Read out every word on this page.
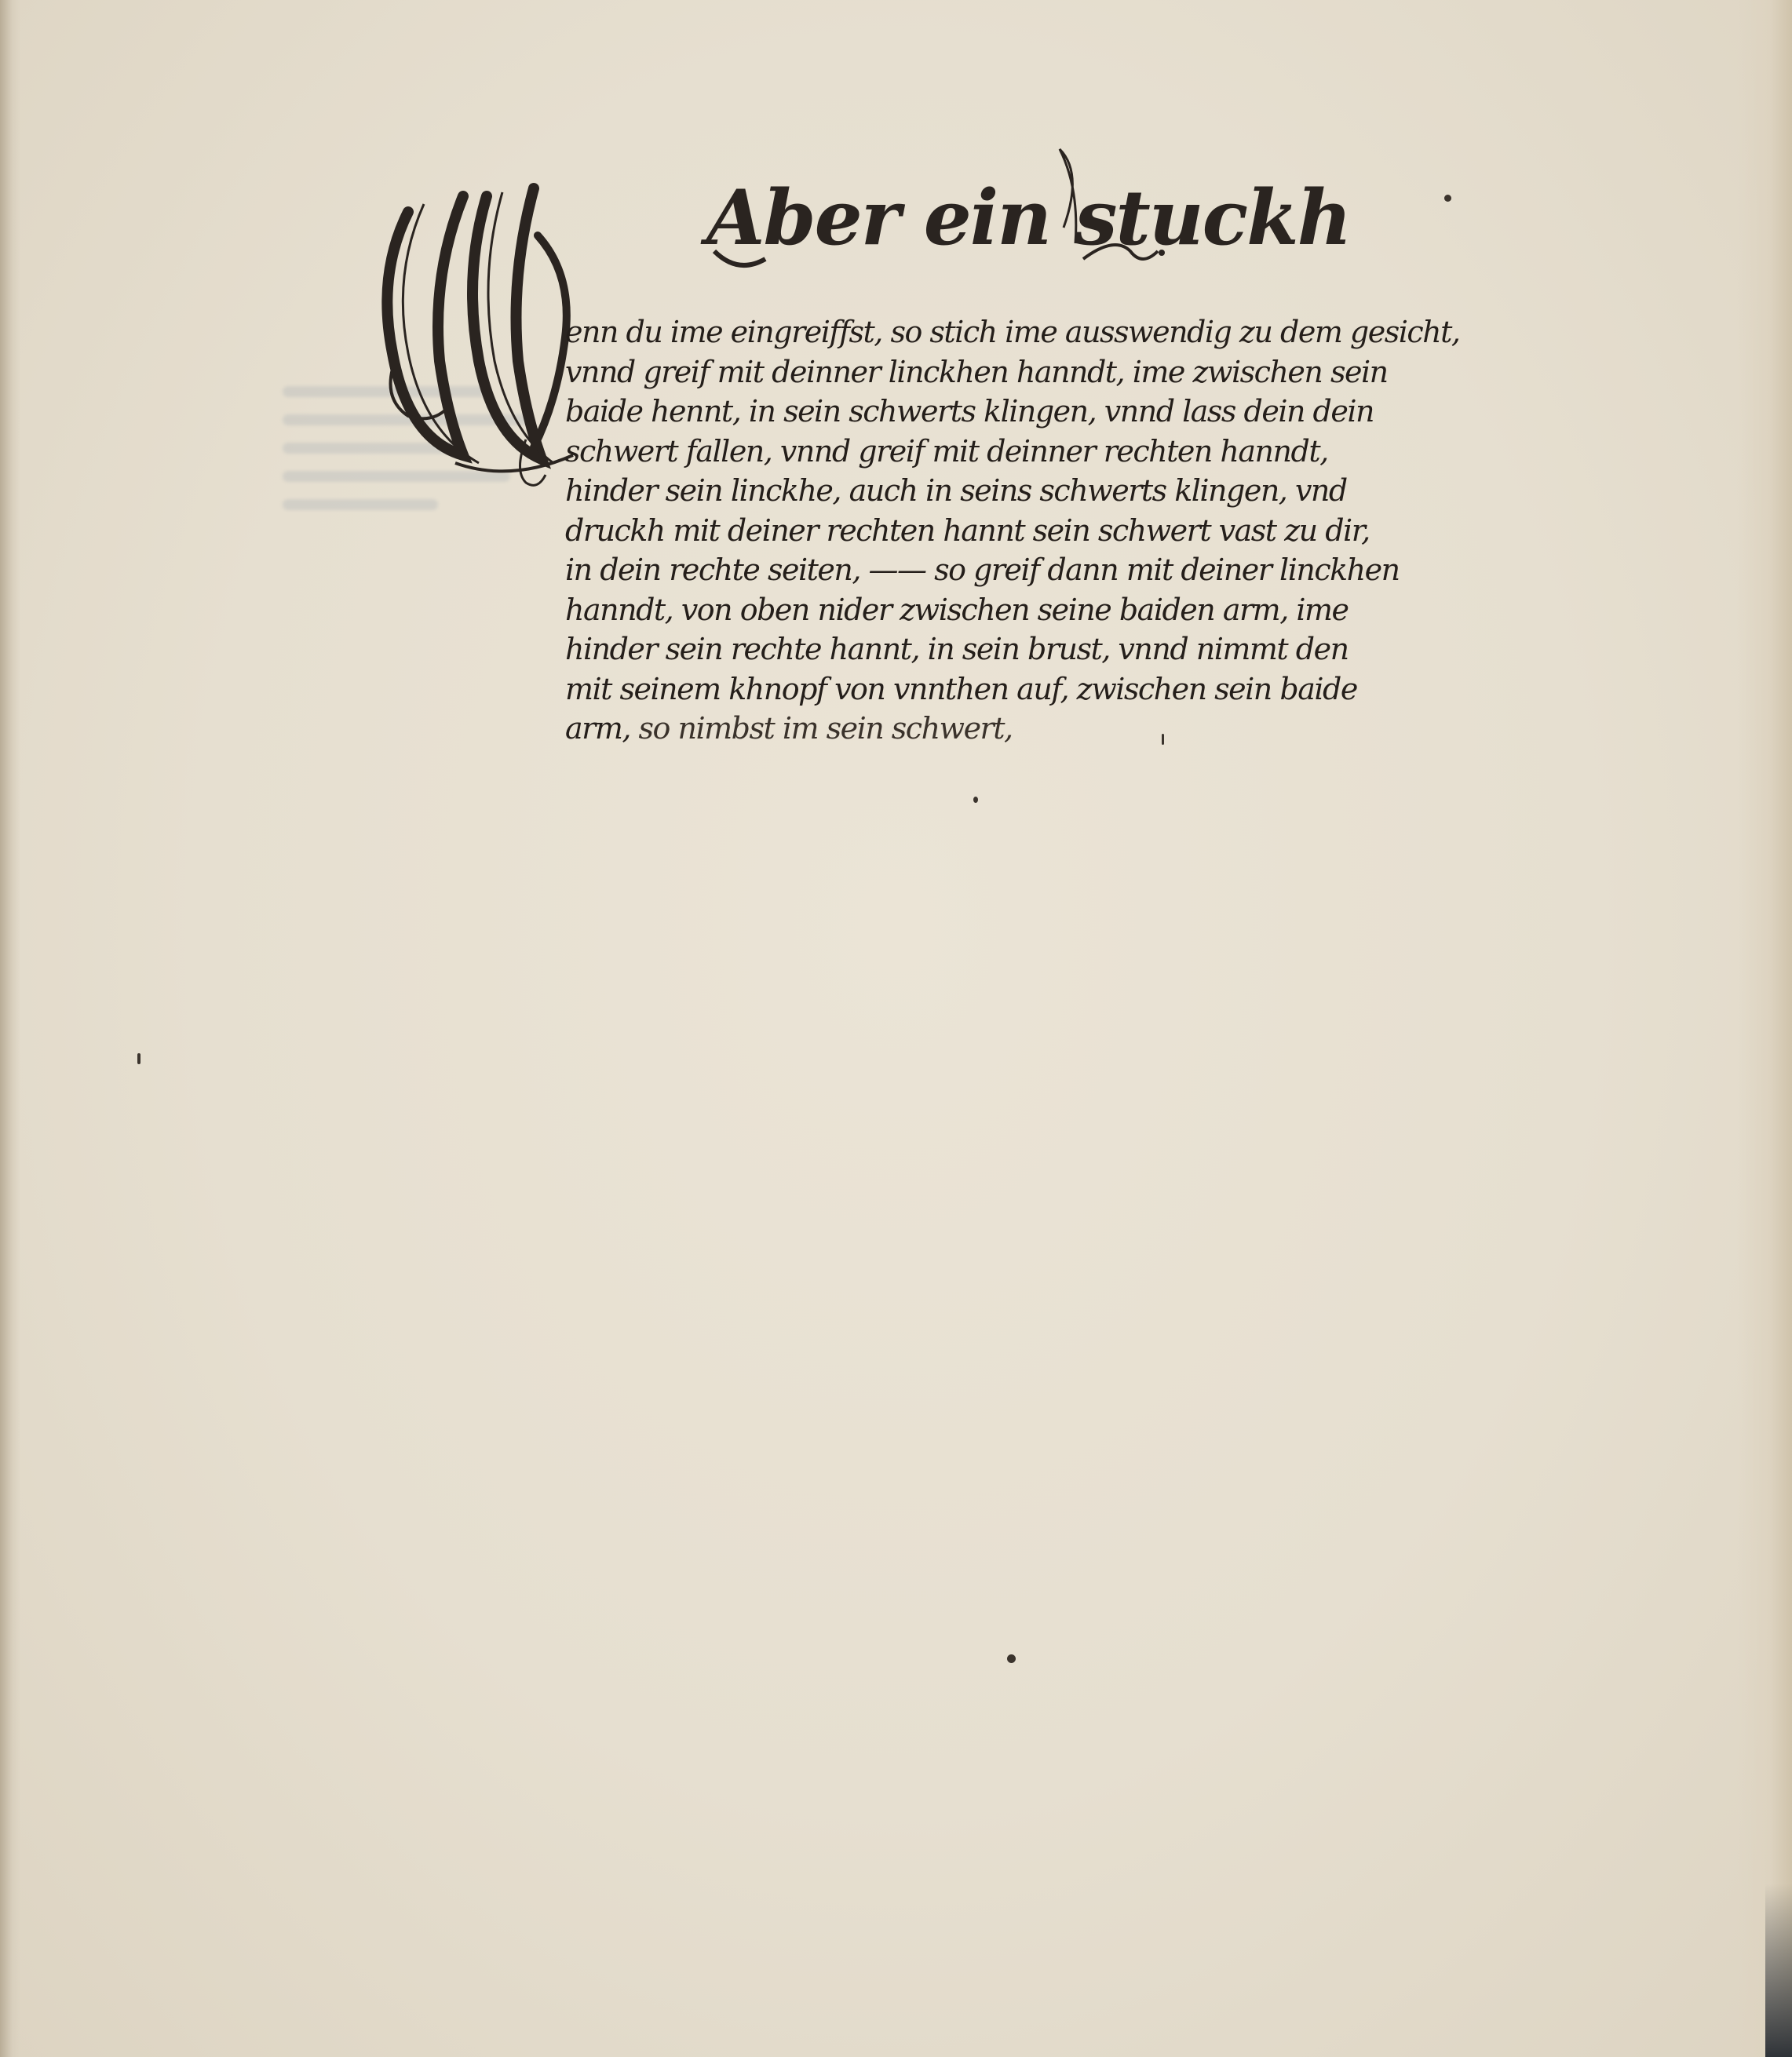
Aber ein stuckh
enn du ime eingreiffst, so stich ime ausswendig zu dem gesicht,
vnnd greif mit deinner linckhen hanndt, ime zwischen sein
baide hennt, in sein schwerts klingen, vnnd lass dein dein
schwert fallen, vnnd greif mit deinner rechten hanndt,
hinder sein linckhe, auch in seins schwerts klingen, vnd
druckh mit deiner rechten hannt sein schwert vast zu dir,
in dein rechte seiten, —— so greif dann mit deiner linckhen
hanndt, von oben nider zwischen seine baiden arm, ime
hinder sein rechte hannt, in sein brust, vnnd nimmt den
mit seinem khnopf von vnnthen auf, zwischen sein baide
arm, so nimbst im sein schwert,
